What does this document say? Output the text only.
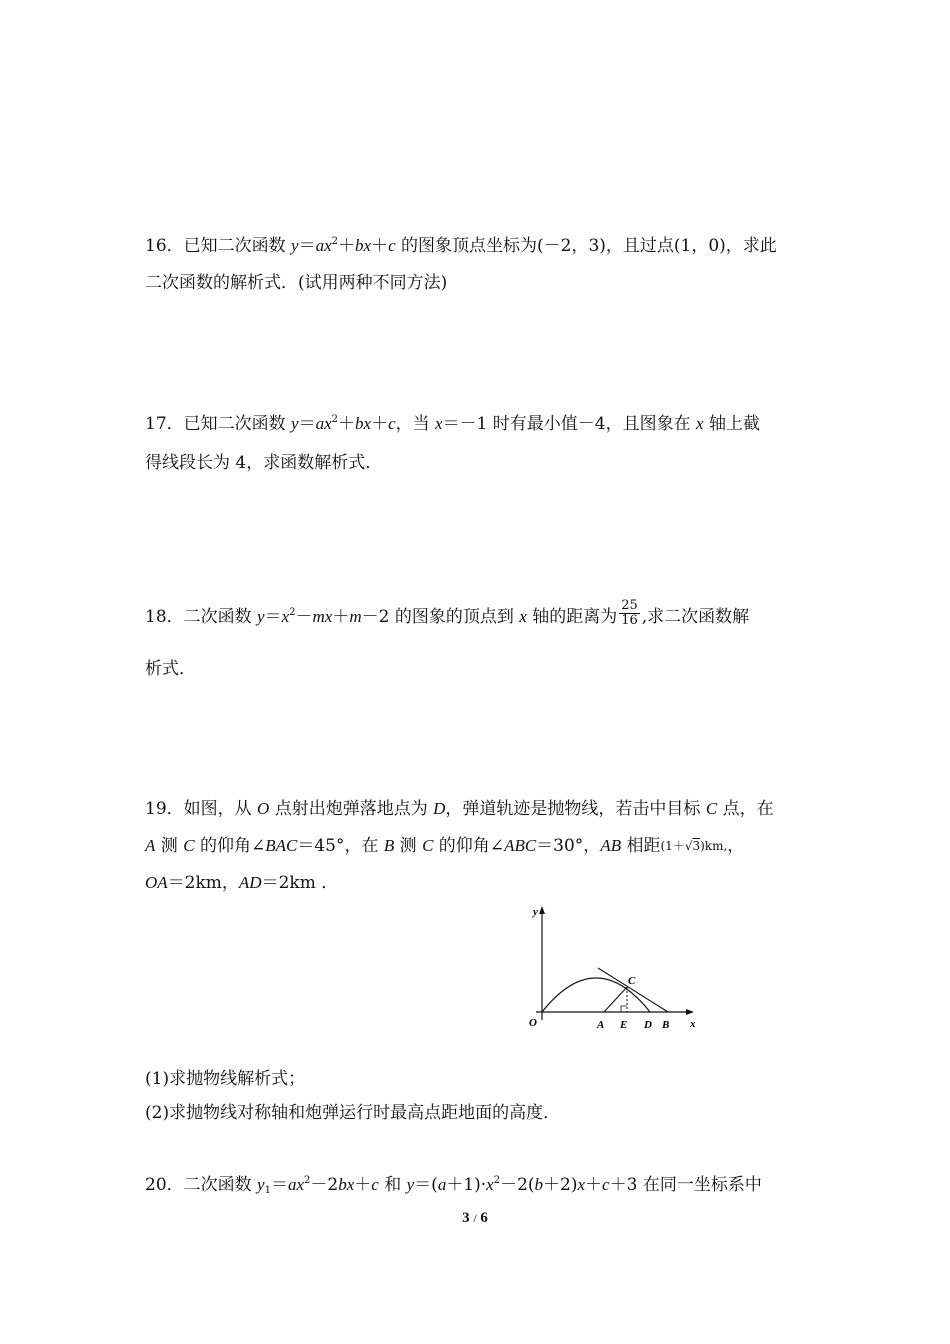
16．已知二次函数 $y=ax^2+bx+c$ 的图象顶点坐标为(－2，3)，且过点(1，0)，求此
二次函数的解析式．(试用两种不同方法)
17．已知二次函数 $y=ax^2+bx+c$，当 x＝－1 时有最小值－4，且图象在 x 轴上截
得线段长为 4，求函数解析式．
18．二次函数 $y=x^2-mx+m-2$ 的图象的顶点到 x 轴的距离为 $\frac{25}{16}$ ,求二次函数解
析式．
19．如图，从 O 点射出炮弹落地点为 D，弹道轨迹是抛物线，若击中目标 C 点，在
A 测 C 的仰角∠BAC＝45°，在 B 测 C 的仰角∠ABC＝30°，AB 相距(1＋√3)km,，
OA＝2km，AD＝2km ．
y
x
O	A E D B
C
(1)求抛物线解析式；
(2)求抛物线对称轴和炮弹运行时最高点距地面的高度．
20．二次函数 $y_1=ax^2-2bx+c$ 和 $y=(a+1)\cdot x^2-2(b+2)x+c+3$ 在同一坐标系中
3 / 6
